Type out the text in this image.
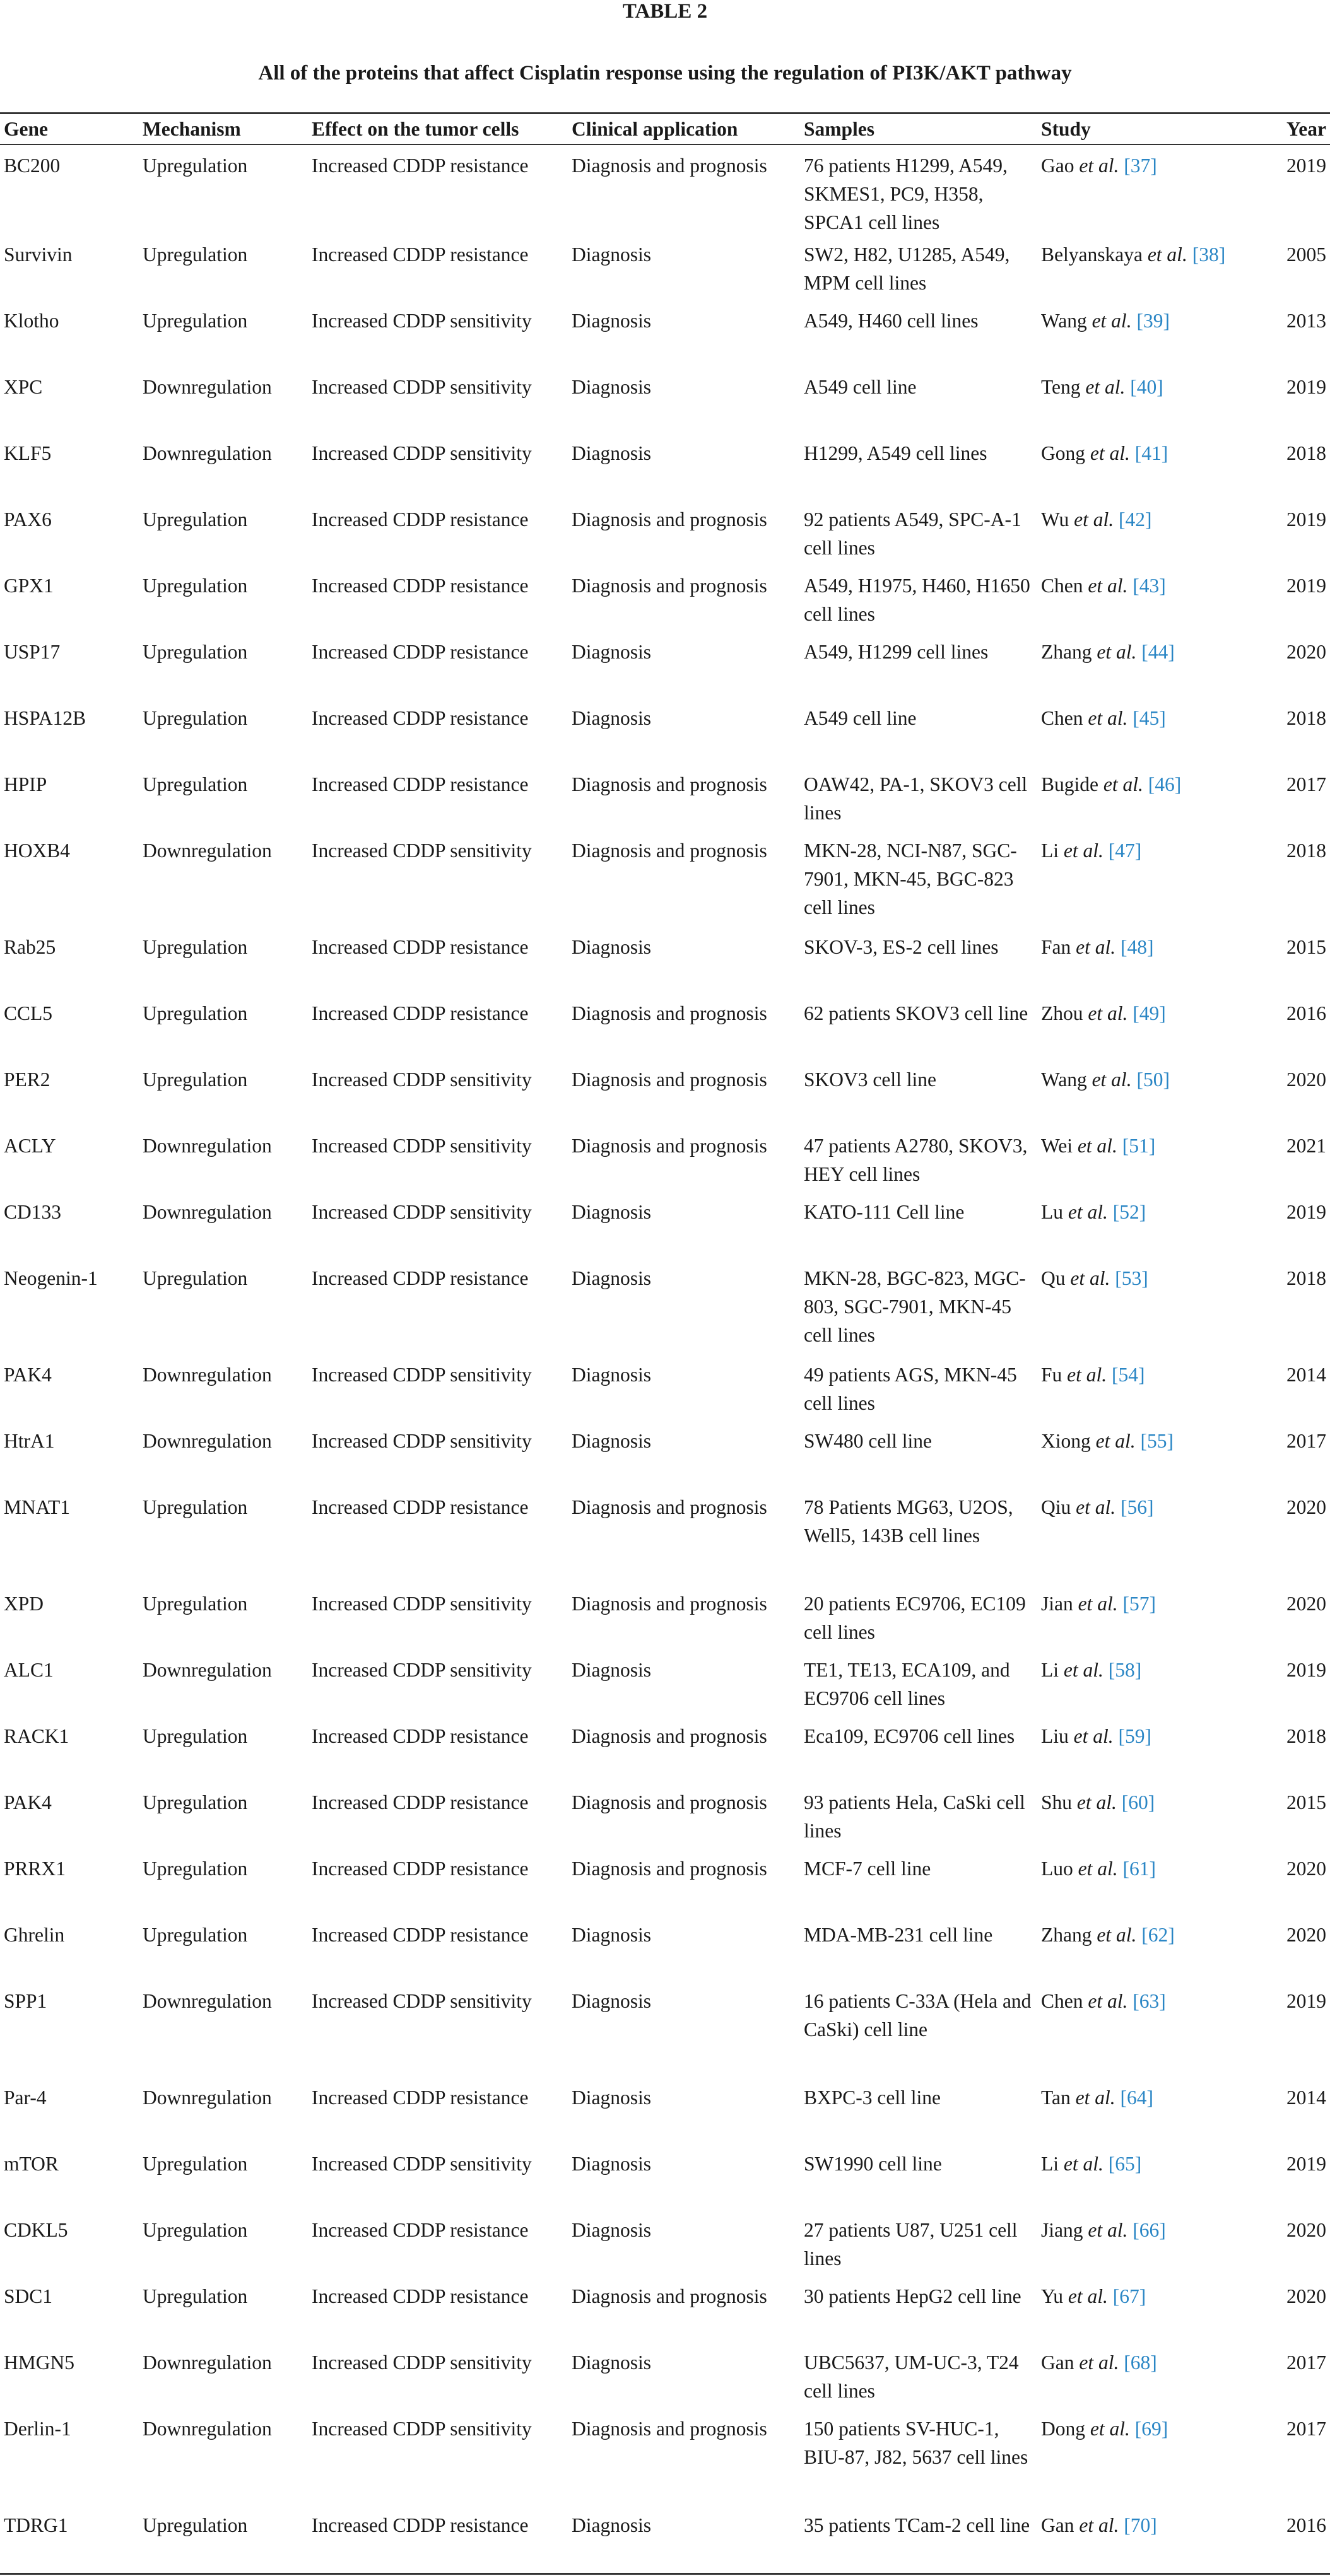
TABLE 2
All of the proteins that affect Cisplatin response using the regulation of PI3K/AKT pathway
Gene	Mechanism	Effect on the tumor cells	Clinical application	Samples	Study	Year
BC200	Upregulation	Increased CDDP resistance	Diagnosis and prognosis	76 patients H1299, A549, SKMES1, PC9, H358, SPCA1 cell lines	Gao et al. [37]	2019
Survivin	Upregulation	Increased CDDP resistance	Diagnosis	SW2, H82, U1285, A549, MPM cell lines	Belyanskaya et al. [38]	2005
Klotho	Upregulation	Increased CDDP sensitivity	Diagnosis	A549, H460 cell lines	Wang et al. [39]	2013
XPC	Downregulation	Increased CDDP sensitivity	Diagnosis	A549 cell line	Teng et al. [40]	2019
KLF5	Downregulation	Increased CDDP sensitivity	Diagnosis	H1299, A549 cell lines	Gong et al. [41]	2018
PAX6	Upregulation	Increased CDDP resistance	Diagnosis and prognosis	92 patients A549, SPC-A-1 cell lines	Wu et al. [42]	2019
GPX1	Upregulation	Increased CDDP resistance	Diagnosis and prognosis	A549, H1975, H460, H1650 cell lines	Chen et al. [43]	2019
USP17	Upregulation	Increased CDDP resistance	Diagnosis	A549, H1299 cell lines	Zhang et al. [44]	2020
HSPA12B	Upregulation	Increased CDDP resistance	Diagnosis	A549 cell line	Chen et al. [45]	2018
HPIP	Upregulation	Increased CDDP resistance	Diagnosis and prognosis	OAW42, PA-1, SKOV3 cell lines	Bugide et al. [46]	2017
HOXB4	Downregulation	Increased CDDP sensitivity	Diagnosis and prognosis	MKN-28, NCI-N87, SGC-7901, MKN-45, BGC-823 cell lines	Li et al. [47]	2018
Rab25	Upregulation	Increased CDDP resistance	Diagnosis	SKOV-3, ES-2 cell lines	Fan et al. [48]	2015
CCL5	Upregulation	Increased CDDP resistance	Diagnosis and prognosis	62 patients SKOV3 cell line	Zhou et al. [49]	2016
PER2	Upregulation	Increased CDDP sensitivity	Diagnosis and prognosis	SKOV3 cell line	Wang et al. [50]	2020
ACLY	Downregulation	Increased CDDP sensitivity	Diagnosis and prognosis	47 patients A2780, SKOV3, HEY cell lines	Wei et al. [51]	2021
CD133	Downregulation	Increased CDDP sensitivity	Diagnosis	KATO-111 Cell line	Lu et al. [52]	2019
Neogenin-1	Upregulation	Increased CDDP resistance	Diagnosis	MKN-28, BGC-823, MGC-803, SGC-7901, MKN-45 cell lines	Qu et al. [53]	2018
PAK4	Downregulation	Increased CDDP sensitivity	Diagnosis	49 patients AGS, MKN-45 cell lines	Fu et al. [54]	2014
HtrA1	Downregulation	Increased CDDP sensitivity	Diagnosis	SW480 cell line	Xiong et al. [55]	2017
MNAT1	Upregulation	Increased CDDP resistance	Diagnosis and prognosis	78 Patients MG63, U2OS, Well5, 143B cell lines	Qiu et al. [56]	2020
XPD	Upregulation	Increased CDDP sensitivity	Diagnosis and prognosis	20 patients EC9706, EC109 cell lines	Jian et al. [57]	2020
ALC1	Downregulation	Increased CDDP sensitivity	Diagnosis	TE1, TE13, ECA109, and EC9706 cell lines	Li et al. [58]	2019
RACK1	Upregulation	Increased CDDP resistance	Diagnosis and prognosis	Eca109, EC9706 cell lines	Liu et al. [59]	2018
PAK4	Upregulation	Increased CDDP resistance	Diagnosis and prognosis	93 patients Hela, CaSki cell lines	Shu et al. [60]	2015
PRRX1	Upregulation	Increased CDDP resistance	Diagnosis and prognosis	MCF-7 cell line	Luo et al. [61]	2020
Ghrelin	Upregulation	Increased CDDP resistance	Diagnosis	MDA-MB-231 cell line	Zhang et al. [62]	2020
SPP1	Downregulation	Increased CDDP sensitivity	Diagnosis	16 patients C-33A (Hela and CaSki) cell line	Chen et al. [63]	2019
Par-4	Downregulation	Increased CDDP resistance	Diagnosis	BXPC-3 cell line	Tan et al. [64]	2014
mTOR	Upregulation	Increased CDDP sensitivity	Diagnosis	SW1990 cell line	Li et al. [65]	2019
CDKL5	Upregulation	Increased CDDP resistance	Diagnosis	27 patients U87, U251 cell lines	Jiang et al. [66]	2020
SDC1	Upregulation	Increased CDDP resistance	Diagnosis and prognosis	30 patients HepG2 cell line	Yu et al. [67]	2020
HMGN5	Downregulation	Increased CDDP sensitivity	Diagnosis	UBC5637, UM-UC-3, T24 cell lines	Gan et al. [68]	2017
Derlin-1	Downregulation	Increased CDDP sensitivity	Diagnosis and prognosis	150 patients SV-HUC-1, BIU-87, J82, 5637 cell lines	Dong et al. [69]	2017
TDRG1	Upregulation	Increased CDDP resistance	Diagnosis	35 patients TCam-2 cell line	Gan et al. [70]	2016
